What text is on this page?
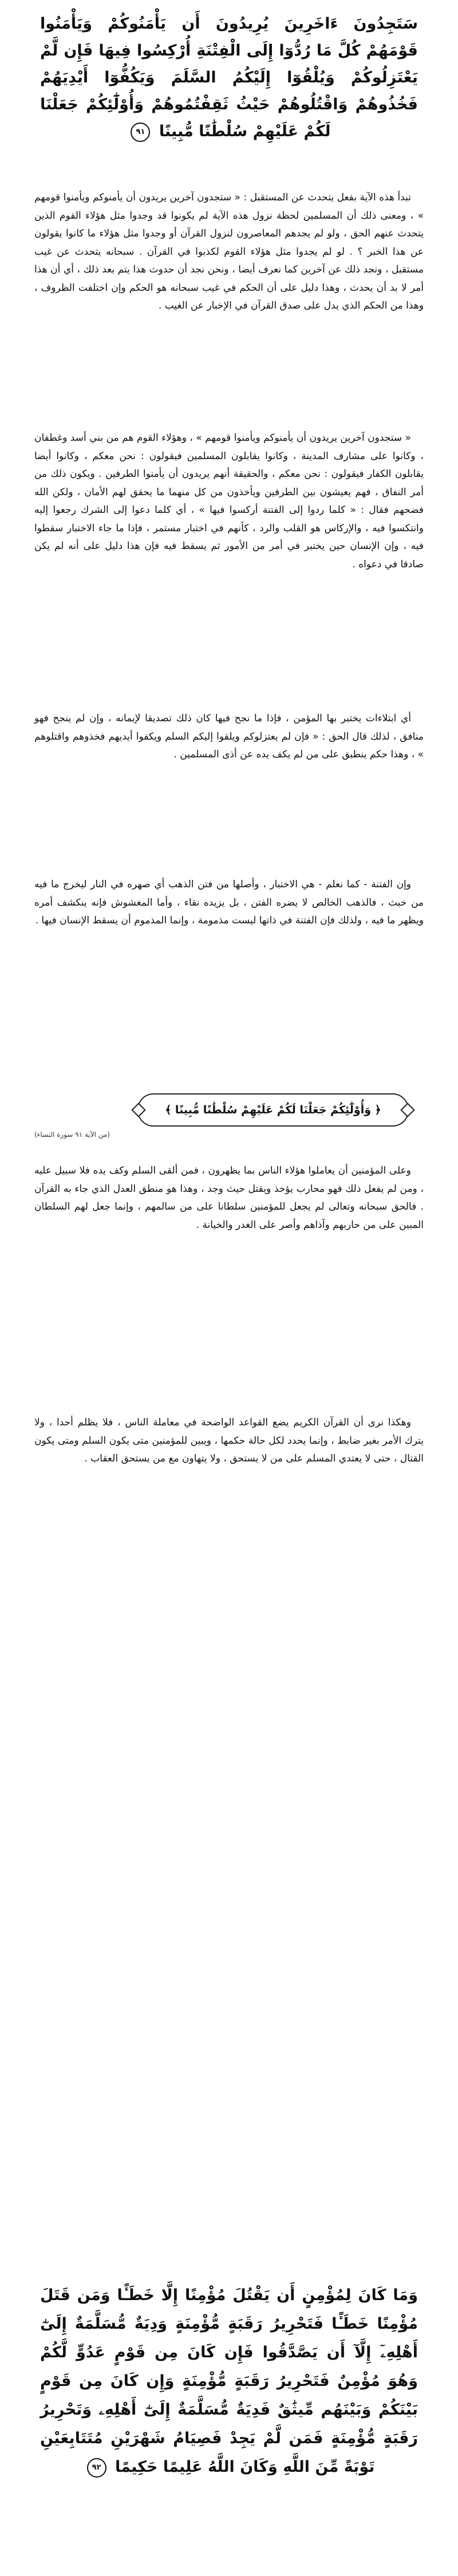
سَتَجِدُونَ ءَاخَرِينَ يُرِيدُونَ أَن يَأْمَنُوكُمْ وَيَأْمَنُوا قَوْمَهُمْ كُلَّ مَا رُدُّوٓا إِلَى الْفِتْنَةِ أُرْكِسُوا فِيهَا فَإِن لَّمْ يَعْتَزِلُوكُمْ وَيُلْقُوٓا إِلَيْكُمُ السَّلَمَ وَيَكُفُّوٓا أَيْدِيَهُمْ فَخُذُوهُمْ وَاقْتُلُوهُمْ حَيْثُ ثَقِفْتُمُوهُمْ وَأُوْلَٰٓئِكُمْ جَعَلْنَا لَكُمْ عَلَيْهِمْ سُلْطَٰنًا مُّبِينًا ٩١

تبدأ هذه الآية بفعل يتحدث عن المستقبل : « ستجدون آخرين يريدون أن يأمنوكم ويأمنوا قومهم » ، ومعنى ذلك أن المسلمين لحظة نزول هذه الآية لم يكونوا قد وجدوا مثل هؤلاء القوم الذين يتحدث عنهم الحق ، ولو لم يجدهم المعاصرون لنزول القرآن أو وجدوا مثل هؤلاء ما كانوا يقولون عن هذا الخبر ؟ . لو لم يجدوا مثل هؤلاء القوم لكذبوا في القرآن . سبحانه يتحدث عن غيب مستقبل ، ونجد ذلك عن آخرين كما نعرف أيضا ، ونحن نجد أن حدوث هذا يتم بعد ذلك ، أي أن هذا أمر لا بد أن يحدث ، وهذا دليل على أن الحكم في غيب سبحانه هو الحكم وإن اختلفت الظروف ، وهذا من الحكم الذي يدل على صدق القرآن في الإخبار عن الغيب .

« ستجدون آخرين يريدون أن يأمنوكم ويأمنوا قومهم » ، وهؤلاء القوم هم من بني أسد وغطفان ، وكانوا على مشارف المدينة ، وكانوا يقابلون المسلمين فيقولون : نحن معكم ، وكانوا أيضا يقابلون الكفار فيقولون : نحن معكم ، والحقيقة أنهم يريدون أن يأمنوا الطرفين . ويكون ذلك من أمر النفاق ، فهم يعيشون بين الطرفين ويأخذون من كل منهما ما يحقق لهم الأمان ، ولكن الله فضحهم فقال : « كلما ردوا إلى الفتنة أركسوا فيها » ، أي كلما دعوا إلى الشرك رجعوا إليه وانتكسوا فيه ، والإركاس هو القلب والرد ، كأنهم في اختبار مستمر ، فإذا ما جاء الاختبار سقطوا فيه ، وإن الإنسان حين يختبر في أمر من الأمور ثم يسقط فيه فإن هذا دليل على أنه لم يكن صادقا في دعواه .

أي ابتلاءات يختبر بها المؤمن ، فإذا ما نجح فيها كان ذلك تصديقا لإيمانه ، وإن لم ينجح فهو منافق ، لذلك قال الحق : « فإن لم يعتزلوكم ويلقوا إليكم السلم ويكفوا أيديهم فخذوهم واقتلوهم » ، وهذا حكم ينطبق على من لم يكف يده عن أذى المسلمين .

وإن الفتنة - كما نعلم - هي الاختبار ، وأصلها من فتن الذهب أي صهره في النار ليخرج ما فيه من خبث ، فالذهب الخالص لا يضره الفتن ، بل يزيده نقاء ، وأما المغشوش فإنه ينكشف أمره ويظهر ما فيه ، ولذلك فإن الفتنة في ذاتها ليست مذمومة ، وإنما المذموم أن يسقط الإنسان فيها .

﴿ وَأُوْلَٰٓئِكُمْ جَعَلْنَا لَكُمْ عَلَيْهِمْ سُلْطَٰنًا مُّبِينًا ﴾
(من الآية ٩١ سورة النساء)

وعلى المؤمنين أن يعاملوا هؤلاء الناس بما يظهرون ، فمن ألقى السلم وكف يده فلا سبيل عليه ، ومن لم يفعل ذلك فهو محارب يؤخذ ويقتل حيث وجد ، وهذا هو منطق العدل الذي جاء به القرآن . فالحق سبحانه وتعالى لم يجعل للمؤمنين سلطانا على من سالمهم ، وإنما جعل لهم السلطان المبين على من حاربهم وآذاهم وأصر على الغدر والخيانة .

وهكذا نرى أن القرآن الكريم يضع القواعد الواضحة في معاملة الناس ، فلا يظلم أحدا ، ولا يترك الأمر بغير ضابط ، وإنما يحدد لكل حالة حكمها ، ويبين للمؤمنين متى يكون السلم ومتى يكون القتال ، حتى لا يعتدي المسلم على من لا يستحق ، ولا يتهاون مع من يستحق العقاب .

وَمَا كَانَ لِمُؤْمِنٍ أَن يَقْتُلَ مُؤْمِنًا إِلَّا خَطَـًٔا وَمَن قَتَلَ مُؤْمِنًا خَطَـًٔا فَتَحْرِيرُ رَقَبَةٍ مُّؤْمِنَةٍ وَدِيَةٌ مُّسَلَّمَةٌ إِلَىٰٓ أَهْلِهِۦٓ إِلَّآ أَن يَصَّدَّقُوا فَإِن كَانَ مِن قَوْمٍ عَدُوٍّ لَّكُمْ وَهُوَ مُؤْمِنٌ فَتَحْرِيرُ رَقَبَةٍ مُّؤْمِنَةٍ وَإِن كَانَ مِن قَوْمٍ بَيْنَكُمْ وَبَيْنَهُم مِّيثَٰقٌ فَدِيَةٌ مُّسَلَّمَةٌ إِلَىٰٓ أَهْلِهِۦ وَتَحْرِيرُ رَقَبَةٍ مُّؤْمِنَةٍ فَمَن لَّمْ يَجِدْ فَصِيَامُ شَهْرَيْنِ مُتَتَابِعَيْنِ تَوْبَةً مِّنَ اللَّهِ وَكَانَ اللَّهُ عَلِيمًا حَكِيمًا ٩٢
